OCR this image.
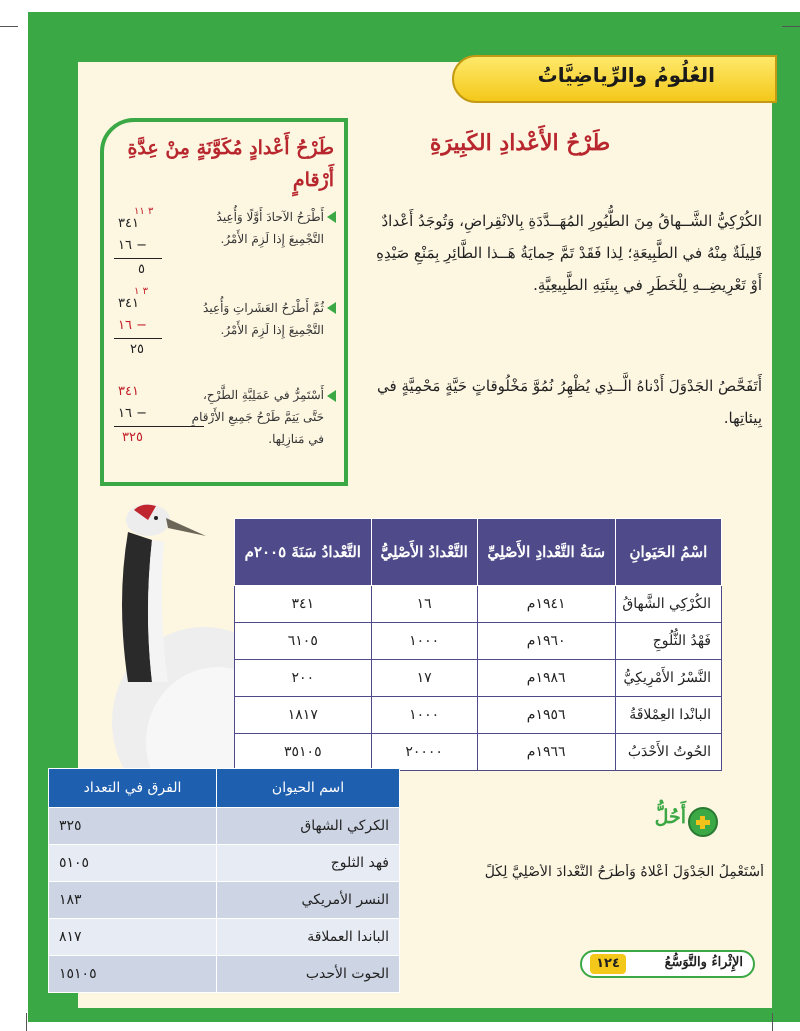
العُلُومُ والرِّياضِيَّاتُ
طَرْحُ الأَعْدادِ الكَبِيرَةِ
الكُرْكِيُّ الشَّــهاقُ مِنَ الطُّيُورِ المُهَــدَّدَةِ بِالانْقِراضِ، وَتُوجَدُ أَعْدادٌ قَلِيلَةٌ مِنْهُ في الطَّبِيعَةِ؛ لِذا فَقَدْ تَمَّ حِمايَةُ هَــذا الطَّائِرِ بِمَنْعِ صَيْدِهِ أَوْ تَعْرِيضِــهِ لِلْخَطَرِ في بِيئَتِهِ الطَّبِيعِيَّةِ.
أَتَفَحَّصُ الجَدْوَلَ أَدْناهُ الَّــذِي يُظْهِرُ نُمُوَّ مَخْلُوقاتٍ حَيَّةٍ مَحْمِيَّةٍ في بِيئاتِها.
طَرْحُ أَعْدادٍ مُكَوَّنَةٍ مِنْ عِدَّةِ أَرْقامٍ
أَطْرَحُ الآحادَ أَوَّلًا وَأُعِيدُ التَّجْمِيعَ إِذا لَزِمَ الأَمْرُ.
ثُمَّ أَطْرَحُ العَشَراتِ وَأُعِيدُ التَّجْمِيعَ إِذا لَزِمَ الأَمْرُ.
أَسْتَمِرُّ في عَمَلِيَّةِ الطَّرْحِ، حَتَّى يَتِمَّ طَرْحُ جَمِيعِ الأَرْقامِ في مَنازِلِها.
٣ ١١
٣٤١
١٦ −
٥
٣ ١
٣٤١
١٦ −
٢٥
٣٤١
١٦ −
٣٢٥
اسْمُ الحَيَوانِ	سَنَةُ التَّعْدادِ الأَصْلِيِّ	التَّعْدادُ الأَصْلِيُّ	التَّعْدادُ سَنَةَ ٢٠٠٥م
الكُرْكِي الشَّهاقُ	١٩٤١م	١٦	٣٤١
فَهْدُ الثُّلُوجِ	١٩٦٠م	١٠٠٠	٦١٠٥
النَّسْرُ الأَمْرِيكِيُّ	١٩٨٦م	١٧	٢٠٠
البانْدا العِمْلاقَةُ	١٩٥٦م	١٠٠٠	١٨١٧
الحُوتُ الأَحْدَبُ	١٩٦٦م	٢٠٠٠٠	٣٥١٠٥
أَحُلُّ
أَسْتَعْمِلُ الجَدْوَلَ أَعْلاهُ وَأَطْرَحُ التَّعْدادَ الأَصْلِيَّ لِكُلٍّ
الإِثْراءُ والتَّوَسُّعُ
١٢٤
اسم الحيوان	الفرق في التعداد
الكركي الشهاق	٣٢٥
فهد الثلوج	٥١٠٥
النسر الأمريكي	١٨٣
الباندا العملاقة	٨١٧
الحوت الأحدب	١٥١٠٥
